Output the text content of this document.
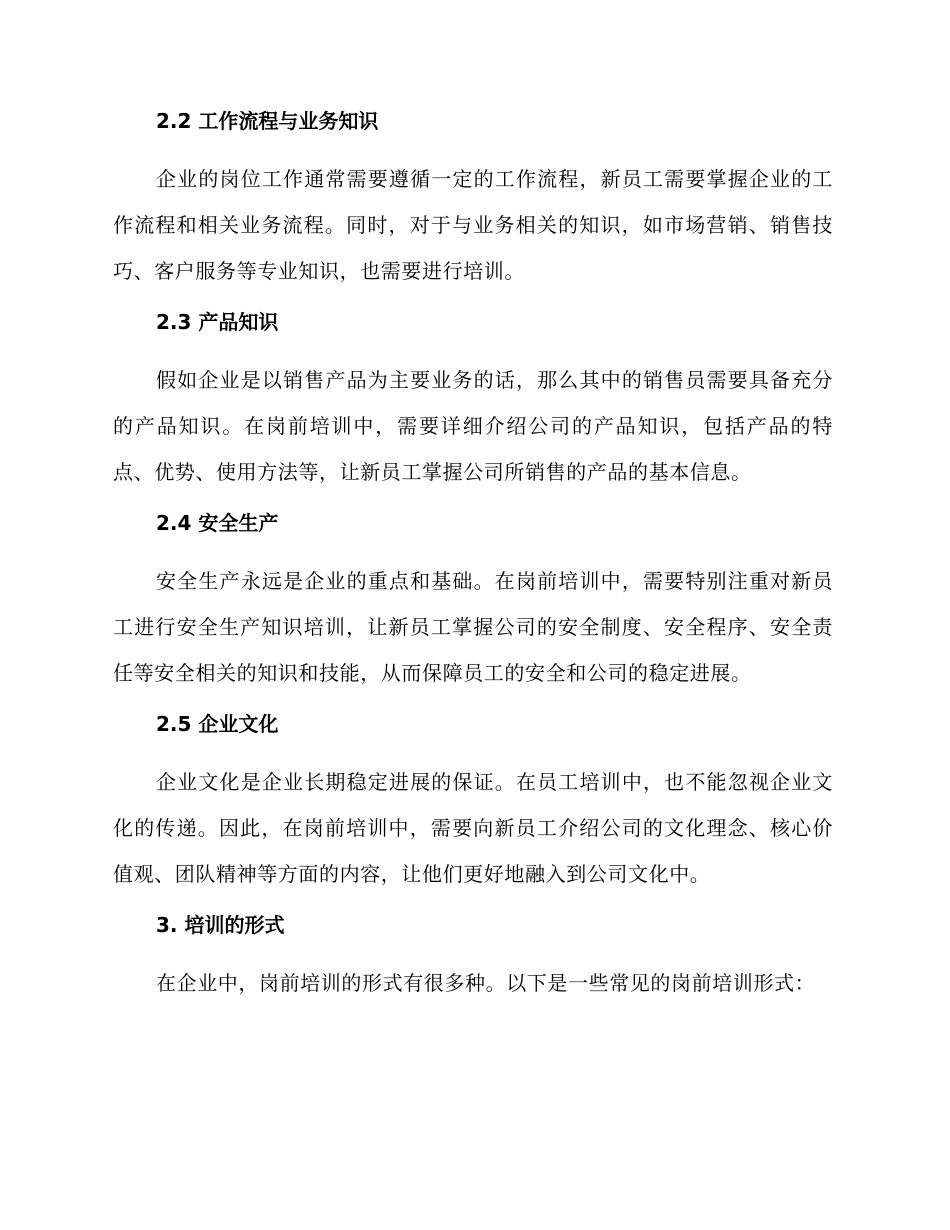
2.2 工作流程与业务知识

企业的岗位工作通常需要遵循一定的工作流程，新员工需要掌握企业的工作流程和相关业务流程。同时，对于与业务相关的知识，如市场营销、销售技巧、客户服务等专业知识，也需要进行培训。

2.3 产品知识

假如企业是以销售产品为主要业务的话，那么其中的销售员需要具备充分的产品知识。在岗前培训中，需要详细介绍公司的产品知识，包括产品的特点、优势、使用方法等，让新员工掌握公司所销售的产品的基本信息。

2.4 安全生产

安全生产永远是企业的重点和基础。在岗前培训中，需要特别注重对新员工进行安全生产知识培训，让新员工掌握公司的安全制度、安全程序、安全责任等安全相关的知识和技能，从而保障员工的安全和公司的稳定进展。

2.5 企业文化

企业文化是企业长期稳定进展的保证。在员工培训中，也不能忽视企业文化的传递。因此，在岗前培训中，需要向新员工介绍公司的文化理念、核心价值观、团队精神等方面的内容，让他们更好地融入到公司文化中。

3. 培训的形式

在企业中，岗前培训的形式有很多种。以下是一些常见的岗前培训形式：
